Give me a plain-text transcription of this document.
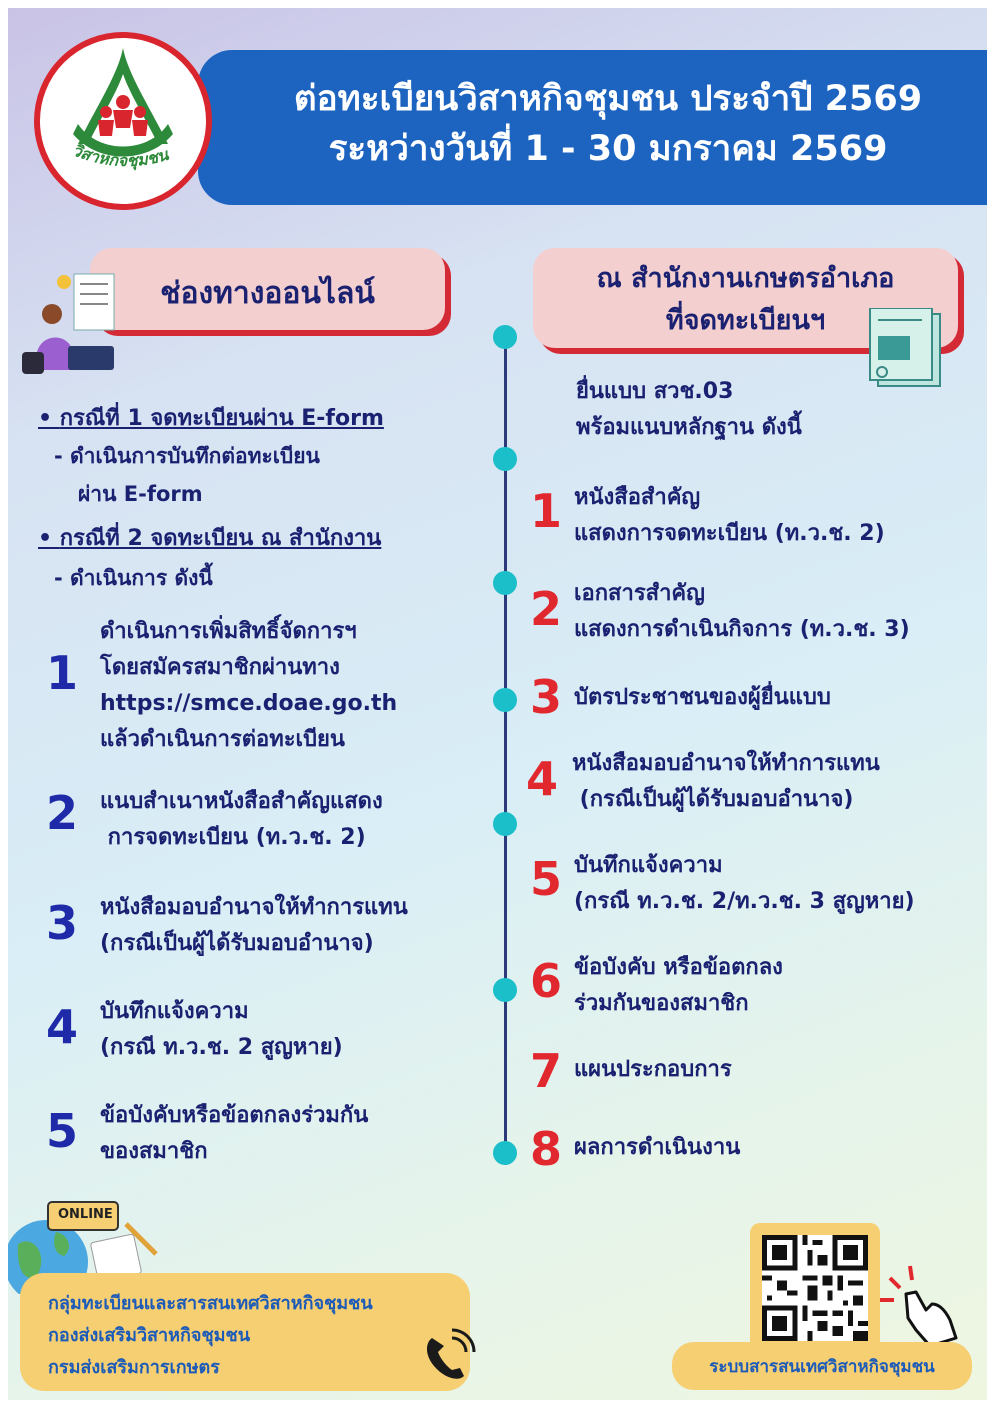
ต่อทะเบียนวิสาหกิจชุมชน ประจำปี 2569
ระหว่างวันที่ 1 - 30 มกราคม 2569
วิสาหกิจชุมชน
ช่องทางออนไลน์
• กรณีที่ 1 จดทะเบียนผ่าน E-form
- ดำเนินการบันทึกต่อทะเบียน
ผ่าน E-form
• กรณีที่ 2 จดทะเบียน ณ สำนักงาน
- ดำเนินการ ดังนี้
1
ดำเนินการเพิ่มสิทธิ์จัดการฯ
โดยสมัครสมาชิกผ่านทาง
https://smce.doae.go.th
แล้วดำเนินการต่อทะเบียน
2 แนบสำเนาหนังสือสำคัญแสดง
การจดทะเบียน (ท.ว.ช. 2)
3 หนังสือมอบอำนาจให้ทำการแทน
(กรณีเป็นผู้ได้รับมอบอำนาจ)
4 บันทึกแจ้งความ
(กรณี ท.ว.ช. 2 สูญหาย)
5 ข้อบังคับหรือข้อตกลงร่วมกัน
ของสมาชิก
ณ สำนักงานเกษตรอำเภอ
ที่จดทะเบียนฯ
ยื่นแบบ สวช.03
พร้อมแนบหลักฐาน ดังนี้
1 หนังสือสำคัญ
แสดงการจดทะเบียน (ท.ว.ช. 2)
2 เอกสารสำคัญ
แสดงการดำเนินกิจการ (ท.ว.ช. 3)
3 บัตรประชาชนของผู้ยื่นแบบ
4 หนังสือมอบอำนาจให้ทำการแทน
(กรณีเป็นผู้ได้รับมอบอำนาจ)
5 บันทึกแจ้งความ
(กรณี ท.ว.ช. 2/ท.ว.ช. 3 สูญหาย)
6 ข้อบังคับ หรือข้อตกลง
ร่วมกันของสมาชิก
7 แผนประกอบการ
8 ผลการดำเนินงาน
ONLINE
กลุ่มทะเบียนและสารสนเทศวิสาหกิจชุมชน
กองส่งเสริมวิสาหกิจชุมชน
กรมส่งเสริมการเกษตร	ระบบสารสนเทศวิสาหกิจชุมชน
